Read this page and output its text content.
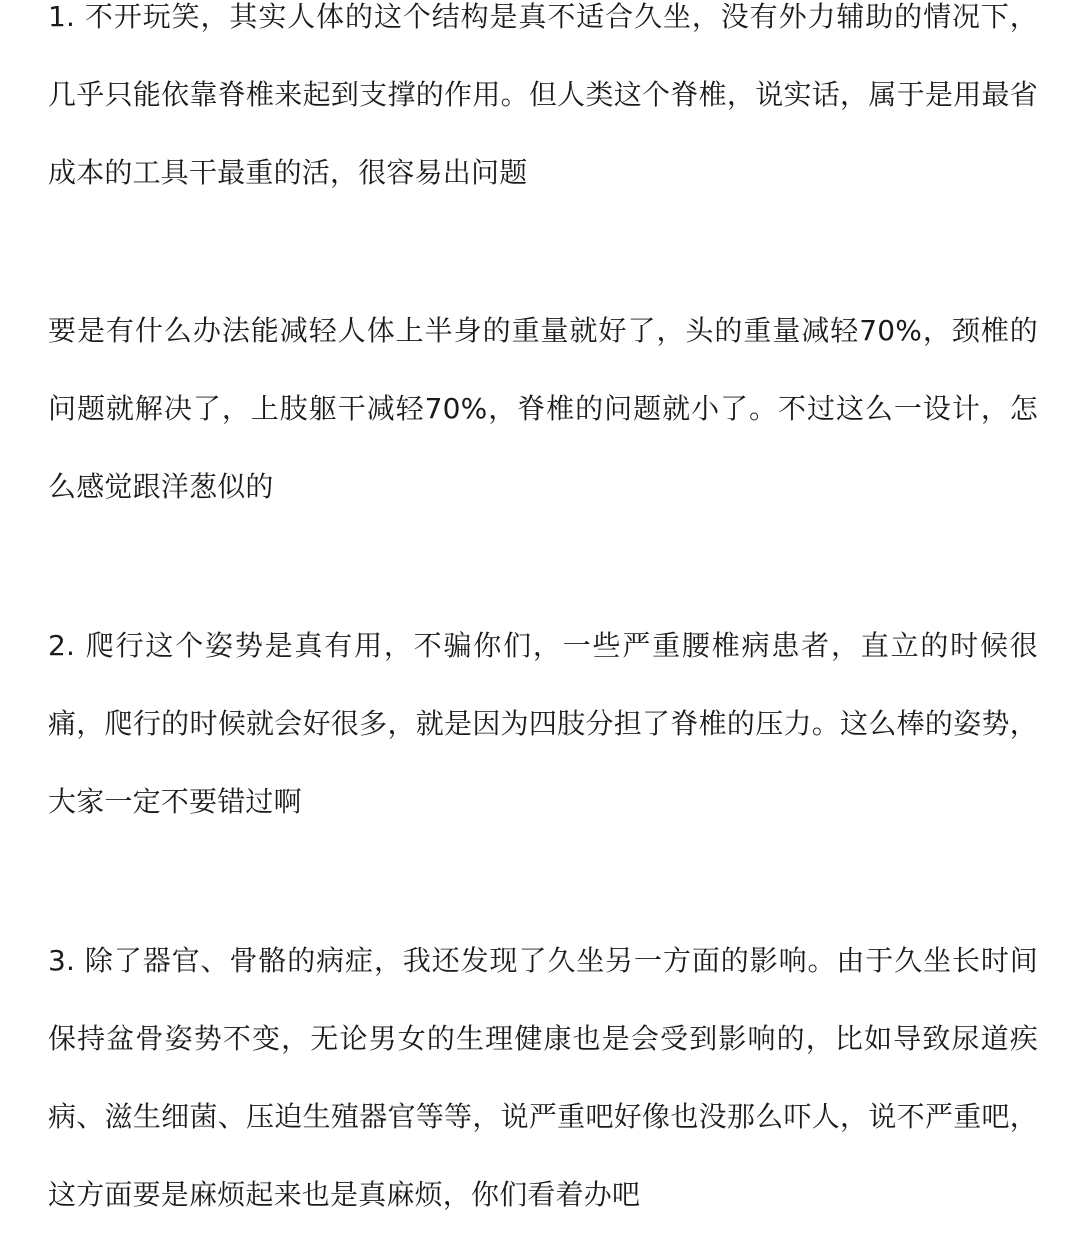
1. 不开玩笑，其实人体的这个结构是真不适合久坐，没有外力辅助的情况下，几乎只能依靠脊椎来起到支撑的作用。但人类这个脊椎，说实话，属于是用最省成本的工具干最重的活，很容易出问题

要是有什么办法能减轻人体上半身的重量就好了，头的重量减轻70%，颈椎的问题就解决了，上肢躯干减轻70%，脊椎的问题就小了。不过这么一设计，怎么感觉跟洋葱似的

2. 爬行这个姿势是真有用，不骗你们，一些严重腰椎病患者，直立的时候很痛，爬行的时候就会好很多，就是因为四肢分担了脊椎的压力。这么棒的姿势，大家一定不要错过啊

3. 除了器官、骨骼的病症，我还发现了久坐另一方面的影响。由于久坐长时间保持盆骨姿势不变，无论男女的生理健康也是会受到影响的，比如导致尿道疾病、滋生细菌、压迫生殖器官等等，说严重吧好像也没那么吓人，说不严重吧，这方面要是麻烦起来也是真麻烦，你们看着办吧
